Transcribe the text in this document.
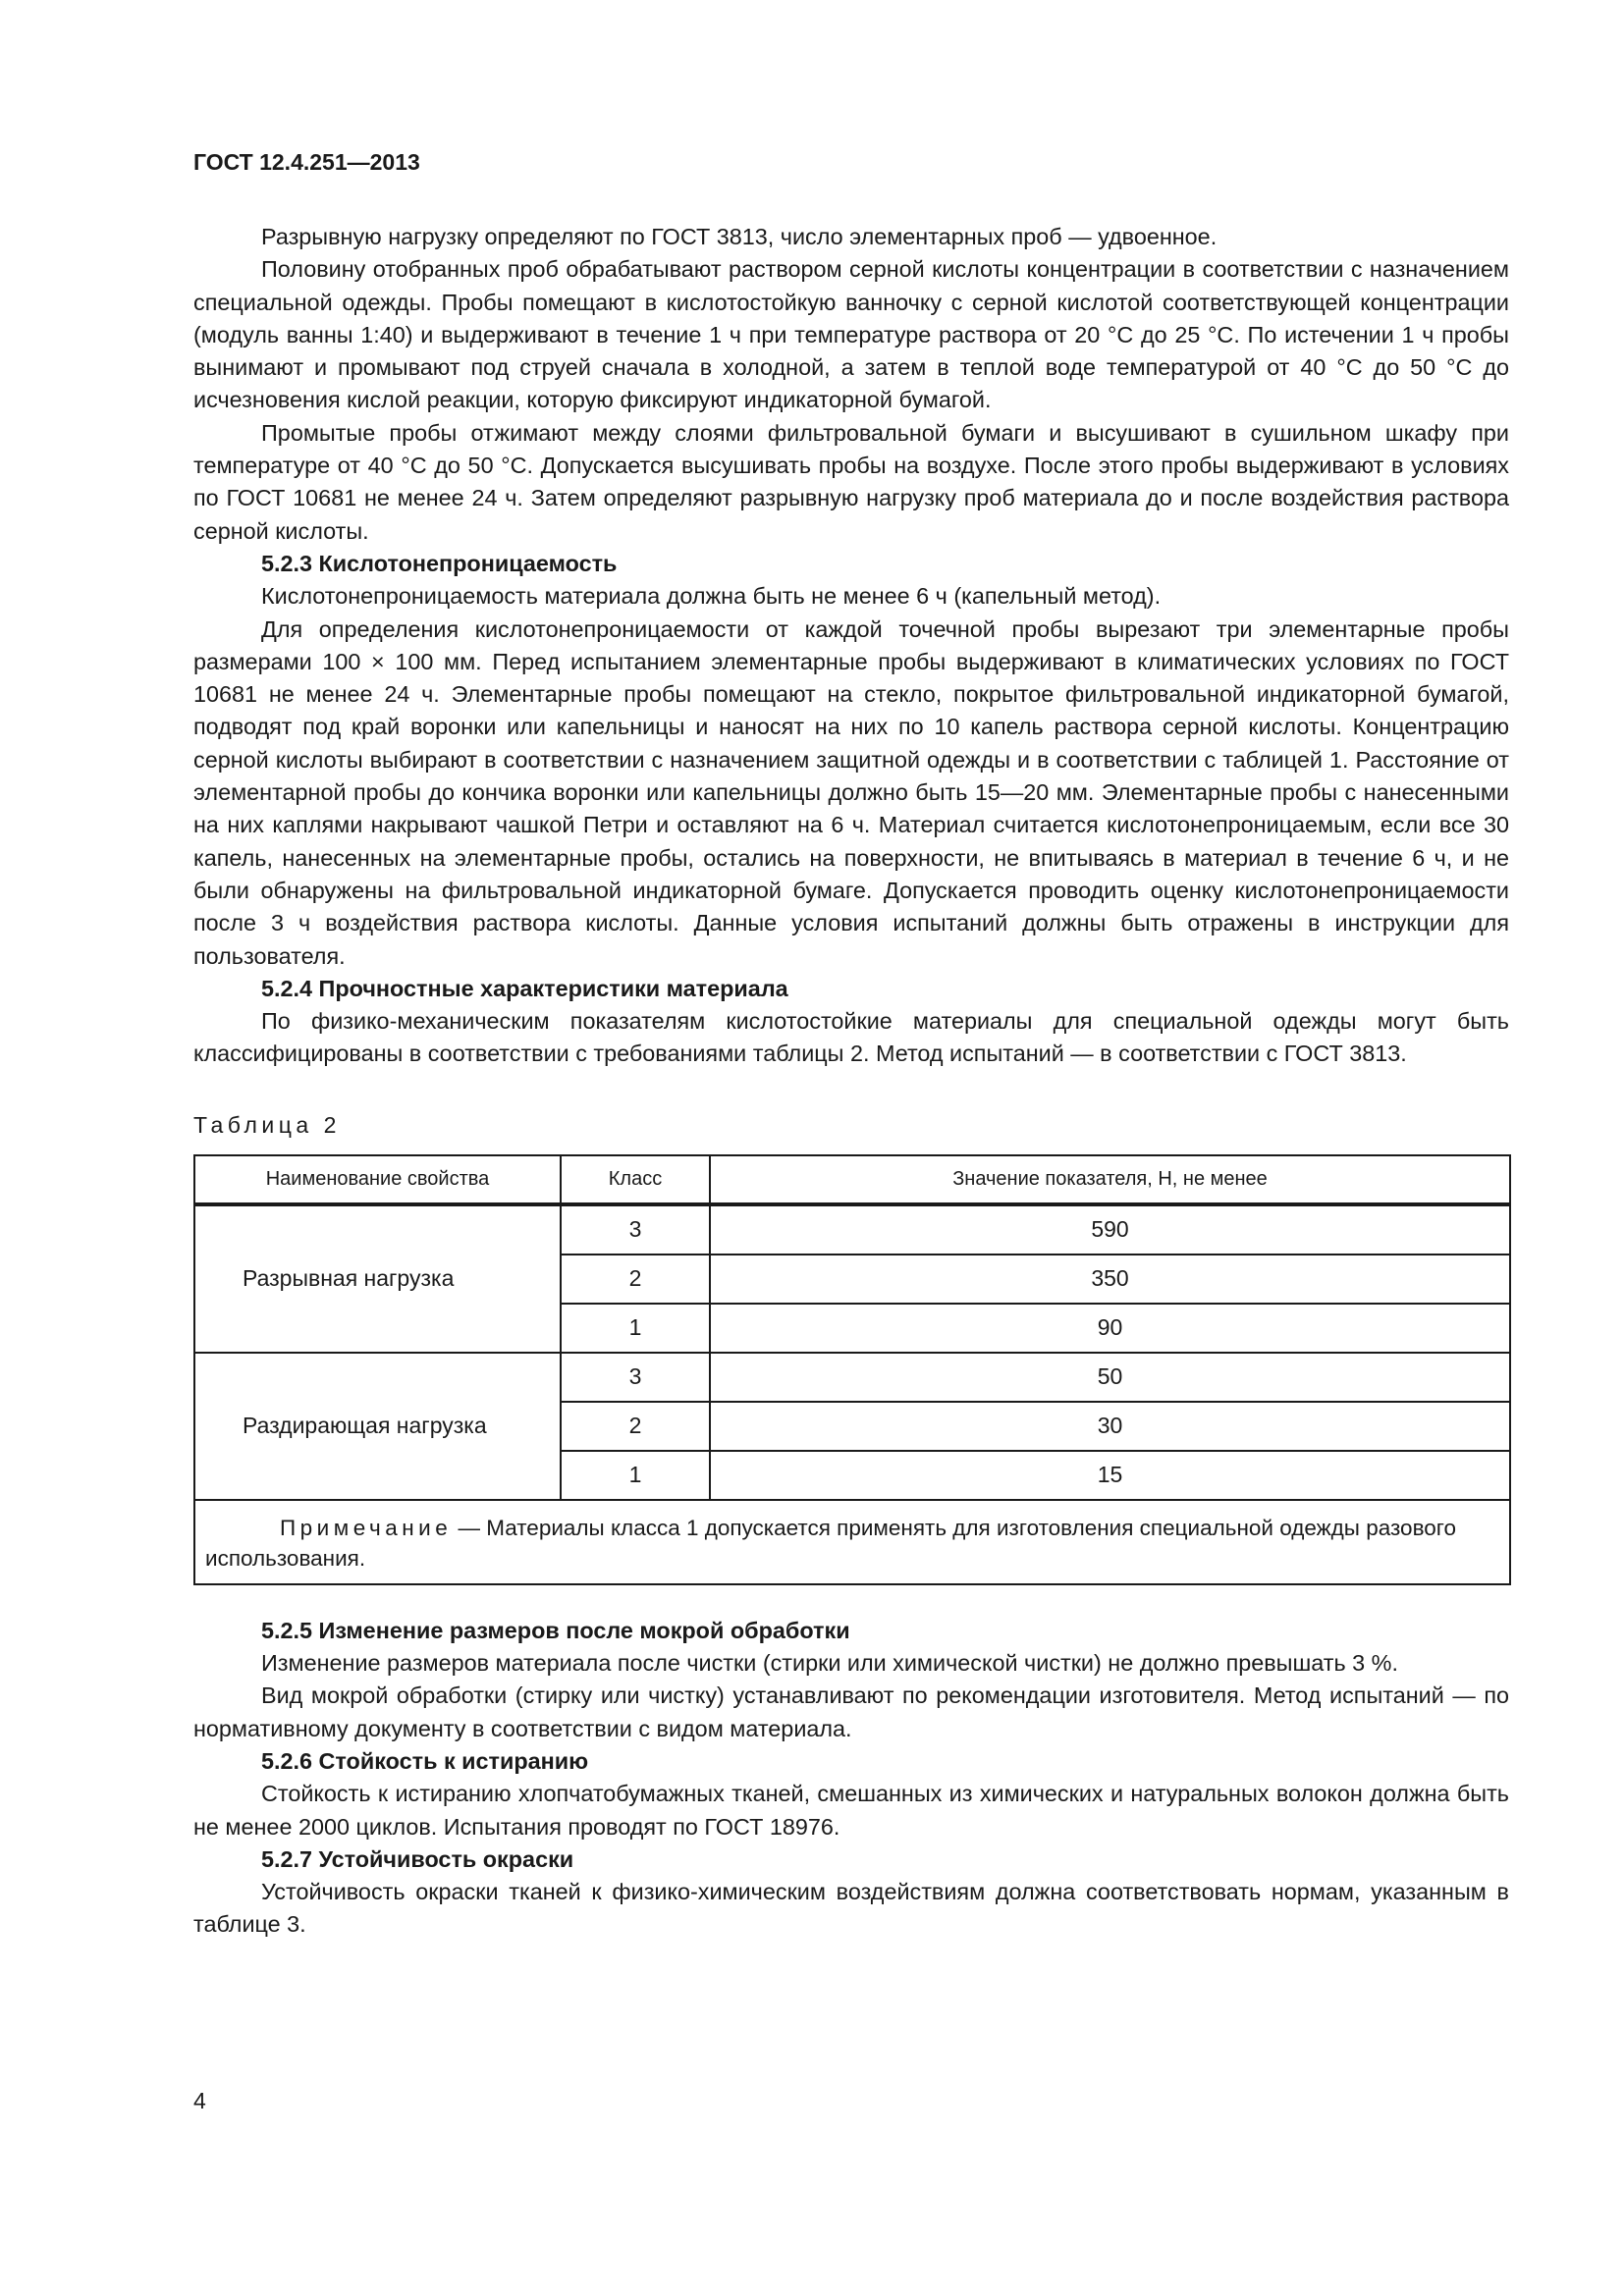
ГОСТ 12.4.251—2013

Разрывную нагрузку определяют по ГОСТ 3813, число элементарных проб — удвоенное.

Половину отобранных проб обрабатывают раствором серной кислоты концентрации в соответствии с назначением специальной одежды. Пробы помещают в кислотостойкую ванночку с серной кислотой соответствующей концентрации (модуль ванны 1:40) и выдерживают в течение 1 ч при температуре раствора от 20 °С до 25 °С. По истечении 1 ч пробы вынимают и промывают под струей сначала в холодной, а затем в теплой воде температурой от 40 °С до 50 °С до исчезновения кислой реакции, которую фиксируют индикаторной бумагой.

Промытые пробы отжимают между слоями фильтровальной бумаги и высушивают в сушильном шкафу при температуре от 40 °С до 50 °С. Допускается высушивать пробы на воздухе. После этого пробы выдерживают в условиях по ГОСТ 10681 не менее 24 ч. Затем определяют разрывную нагрузку проб материала до и после воздействия раствора серной кислоты.

5.2.3 Кислотонепроницаемость

Кислотонепроницаемость материала должна быть не менее 6 ч (капельный метод).

Для определения кислотонепроницаемости от каждой точечной пробы вырезают три элементарные пробы размерами 100 × 100 мм. Перед испытанием элементарные пробы выдерживают в климатических условиях по ГОСТ 10681 не менее 24 ч. Элементарные пробы помещают на стекло, покрытое фильтровальной индикаторной бумагой, подводят под край воронки или капельницы и наносят на них по 10 капель раствора серной кислоты. Концентрацию серной кислоты выбирают в соответствии с назначением защитной одежды и в соответствии с таблицей 1. Расстояние от элементарной пробы до кончика воронки или капельницы должно быть 15—20 мм. Элементарные пробы с нанесенными на них каплями накрывают чашкой Петри и оставляют на 6 ч. Материал считается кислотонепроницаемым, если все 30 капель, нанесенных на элементарные пробы, остались на поверхности, не впитываясь в материал в течение 6 ч, и не были обнаружены на фильтровальной индикаторной бумаге. Допускается проводить оценку кислотонепроницаемости после 3 ч воздействия раствора кислоты. Данные условия испытаний должны быть отражены в инструкции для пользователя.

5.2.4 Прочностные характеристики материала

По физико-механическим показателям кислотостойкие материалы для специальной одежды могут быть классифицированы в соответствии с требованиями таблицы 2. Метод испытаний — в соответствии с ГОСТ 3813.

Таблица 2
Наименование свойства	Класс	Значение показателя, Н, не менее
Разрывная нагрузка	3	590
	2	350
	1	90
Раздирающая нагрузка	3	50
	2	30
	1	15
Примечание — Материалы класса 1 допускается применять для изготовления специальной одежды разового использования.		

5.2.5 Изменение размеров после мокрой обработки

Изменение размеров материала после чистки (стирки или химической чистки) не должно превышать 3 %.

Вид мокрой обработки (стирку или чистку) устанавливают по рекомендации изготовителя. Метод испытаний — по нормативному документу в соответствии с видом материала.

5.2.6 Стойкость к истиранию

Стойкость к истиранию хлопчатобумажных тканей, смешанных из химических и натуральных волокон должна быть не менее 2000 циклов. Испытания проводят по ГОСТ 18976.

5.2.7 Устойчивость окраски

Устойчивость окраски тканей к физико-химическим воздействиям должна соответствовать нормам, указанным в таблице 3.

4
